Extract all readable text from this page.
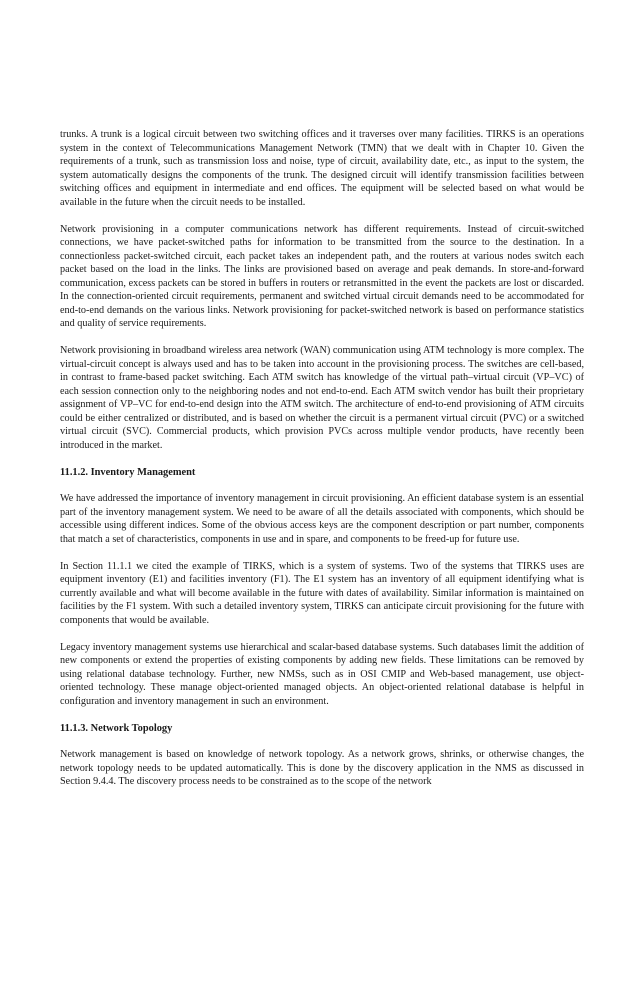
trunks. A trunk is a logical circuit between two switching offices and it traverses over many facilities. TIRKS is an operations system in the context of Telecommunications Management Network (TMN) that we dealt with in Chapter 10. Given the requirements of a trunk, such as transmission loss and noise, type of circuit, availability date, etc., as input to the system, the system automatically designs the components of the trunk. The designed circuit will identify transmission facilities between switching offices and equipment in intermediate and end offices. The equipment will be selected based on what would be available in the future when the circuit needs to be installed.

Network provisioning in a computer communications network has different requirements. Instead of circuit-switched connections, we have packet-switched paths for information to be transmitted from the source to the destination. In a connectionless packet-switched circuit, each packet takes an independent path, and the routers at various nodes switch each packet based on the load in the links. The links are provisioned based on average and peak demands. In store-and-forward communication, excess packets can be stored in buffers in routers or retransmitted in the event the packets are lost or discarded. In the connection-oriented circuit requirements, permanent and switched virtual circuit demands need to be accommodated for end-to-end demands on the various links. Network provisioning for packet-switched network is based on performance statistics and quality of service requirements.

Network provisioning in broadband wireless area network (WAN) communication using ATM technology is more complex. The virtual-circuit concept is always used and has to be taken into account in the provisioning process. The switches are cell-based, in contrast to frame-based packet switching. Each ATM switch has knowledge of the virtual path–virtual circuit (VP–VC) of each session connection only to the neighboring nodes and not end-to-end. Each ATM switch vendor has built their proprietary assignment of VP–VC for end-to-end design into the ATM switch. The architecture of end-to-end provisioning of ATM circuits could be either centralized or distributed, and is based on whether the circuit is a permanent virtual circuit (PVC) or a switched virtual circuit (SVC). Commercial products, which provision PVCs across multiple vendor products, have recently been introduced in the market.

11.1.2. Inventory Management

We have addressed the importance of inventory management in circuit provisioning. An efficient database system is an essential part of the inventory management system. We need to be aware of all the details associated with components, which should be accessible using different indices. Some of the obvious access keys are the component description or part number, components that match a set of characteristics, components in use and in spare, and components to be freed-up for future use.

In Section 11.1.1 we cited the example of TIRKS, which is a system of systems. Two of the systems that TIRKS uses are equipment inventory (E1) and facilities inventory (F1). The E1 system has an inventory of all equipment identifying what is currently available and what will become available in the future with dates of availability. Similar information is maintained on facilities by the F1 system. With such a detailed inventory system, TIRKS can anticipate circuit provisioning for the future with components that would be available.

Legacy inventory management systems use hierarchical and scalar-based database systems. Such databases limit the addition of new components or extend the properties of existing components by adding new fields. These limitations can be removed by using relational database technology. Further, new NMSs, such as in OSI CMIP and Web-based management, use object-oriented technology. These manage object-oriented managed objects. An object-oriented relational database is helpful in configuration and inventory management in such an environment.

11.1.3. Network Topology

Network management is based on knowledge of network topology. As a network grows, shrinks, or otherwise changes, the network topology needs to be updated automatically. This is done by the discovery application in the NMS as discussed in Section 9.4.4. The discovery process needs to be constrained as to the scope of the network
